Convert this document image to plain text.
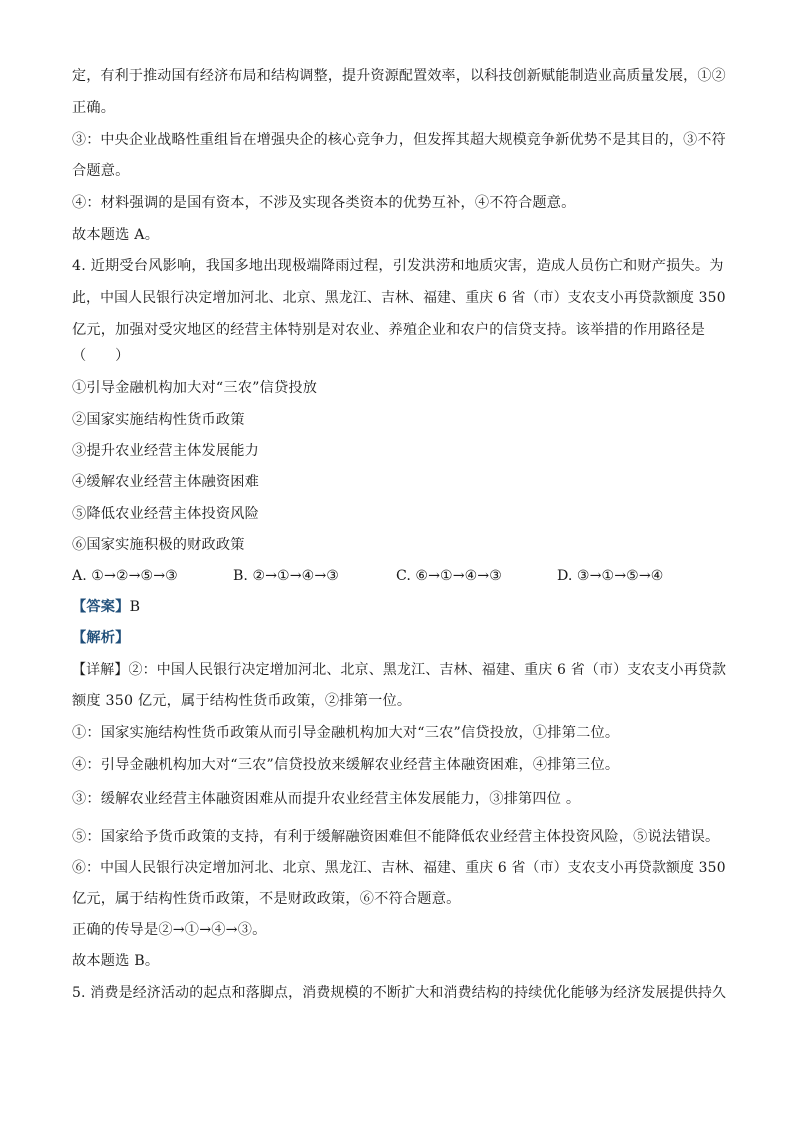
定，有利于推动国有经济布局和结构调整，提升资源配置效率，以科技创新赋能制造业高质量发展，①②
正确。
③：中央企业战略性重组旨在增强央企的核心竞争力，但发挥其超大规模竞争新优势不是其目的，③不符
合题意。
④：材料强调的是国有资本，不涉及实现各类资本的优势互补，④不符合题意。
故本题选 A。
4. 近期受台风影响，我国多地出现极端降雨过程，引发洪涝和地质灾害，造成人员伤亡和财产损失。为
此，中国人民银行决定增加河北、北京、黑龙江、吉林、福建、重庆 6 省（市）支农支小再贷款额度 350
亿元，加强对受灾地区的经营主体特别是对农业、养殖企业和农户的信贷支持。该举措的作用路径是
（　　）
①引导金融机构加大对“三农”信贷投放
②国家实施结构性货币政策
③提升农业经营主体发展能力
④缓解农业经营主体融资困难
⑤降低农业经营主体投资风险
⑥国家实施积极的财政政策
A. ①→②→⑤→③	B. ②→①→④→③	C. ⑥→①→④→③	D. ③→①→⑤→④
【答案】B
【解析】
【详解】②：中国人民银行决定增加河北、北京、黑龙江、吉林、福建、重庆 6 省（市）支农支小再贷款
额度 350 亿元，属于结构性货币政策，②排第一位。
①：国家实施结构性货币政策从而引导金融机构加大对“三农”信贷投放，①排第二位。
④：引导金融机构加大对“三农”信贷投放来缓解农业经营主体融资困难，④排第三位。
③：缓解农业经营主体融资困难从而提升农业经营主体发展能力，③排第四位 。
⑤：国家给予货币政策的支持，有利于缓解融资困难但不能降低农业经营主体投资风险，⑤说法错误。
⑥：中国人民银行决定增加河北、北京、黑龙江、吉林、福建、重庆 6 省（市）支农支小再贷款额度 350
亿元，属于结构性货币政策，不是财政政策，⑥不符合题意。
正确的传导是②→①→④→③。
故本题选 B。
5. 消费是经济活动的起点和落脚点，消费规模的不断扩大和消费结构的持续优化能够为经济发展提供持久
